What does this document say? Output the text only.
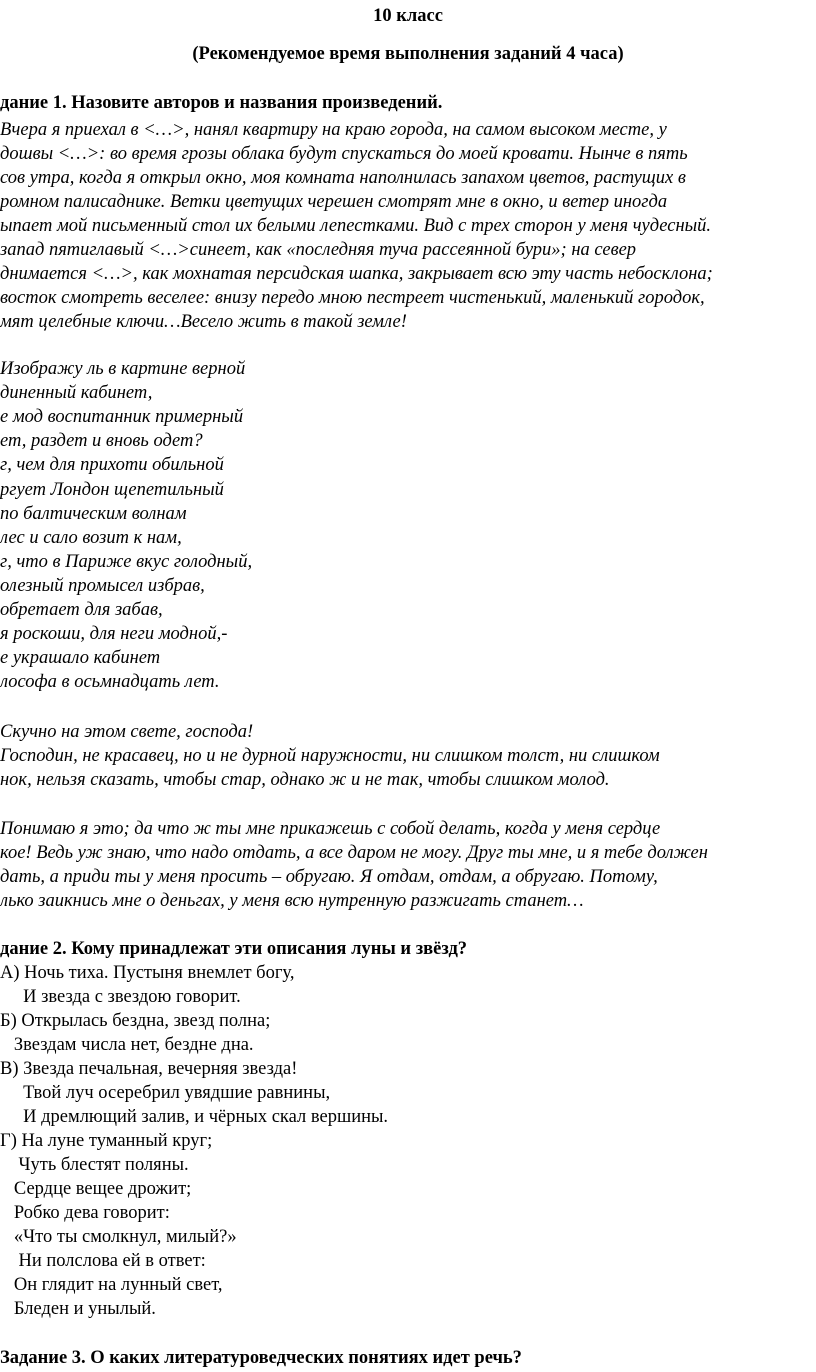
10 класс
(Рекомендуемое время выполнения заданий 4 часа)
дание 1. Назовите авторов и названия произведений.
Вчера я приехал в <…>, нанял квартиру на краю города, на самом высоком месте, у
дошвы <…>: во время грозы облака будут спускаться до моей кровати. Нынче в пять
сов утра, когда я открыл окно, моя комната наполнилась запахом цветов, растущих в
ромном палисаднике. Ветки цветущих черешен смотрят мне в окно, и ветер иногда
ыпает мой письменный стол их белыми лепестками. Вид с трех сторон у меня чудесный.
запад пятиглавый <…>синеет, как «последняя туча рассеянной бури»; на север
днимается <…>, как мохнатая персидская шапка, закрывает всю эту часть небосклона;
восток смотреть веселее: внизу передо мною пестреет чистенький, маленький городок,
мят целебные ключи…Весело жить в такой земле!
Изображу ль в картине верной
диненный кабинет,
е мод воспитанник примерный
ет, раздет и вновь одет?
г, чем для прихоти обильной
ргует Лондон щепетильный
по балтическим волнам
лес и сало возит к нам,
г, что в Париже вкус голодный,
олезный промысел избрав,
обретает для забав,
я роскоши, для неги модной,-
е украшало кабинет
лософа в осьмнадцать лет.
Скучно на этом свете, господа!
Господин, не красавец, но и не дурной наружности, ни слишком толст, ни слишком
нок, нельзя сказать, чтобы стар, однако ж и не так, чтобы слишком молод.
Понимаю я это; да что ж ты мне прикажешь с собой делать, когда у меня сердце
кое! Ведь уж знаю, что надо отдать, а все даром не могу. Друг ты мне, и я тебе должен
дать, а приди ты у меня просить – обругаю. Я отдам, отдам, а обругаю. Потому,
лько заикнись мне о деньгах, у меня всю нутренную разжигать станет…
дание 2. Кому принадлежат эти описания луны и звёзд?
А) Ночь тиха. Пустыня внемлет богу,
И звезда с звездою говорит.
Б) Открылась бездна, звезд полна;
Звездам числа нет, бездне дна.
В) Звезда печальная, вечерняя звезда!
Твой луч осеребрил увядшие равнины,
И дремлющий залив, и чёрных скал вершины.
Г) На луне туманный круг;
Чуть блестят поляны.
Сердце вещее дрожит;
Робко дева говорит:
«Что ты смолкнул, милый?»
Ни полслова ей в ответ:
Он глядит на лунный свет,
Бледен и унылый.
Задание 3. О каких литературоведческих понятиях идет речь?
